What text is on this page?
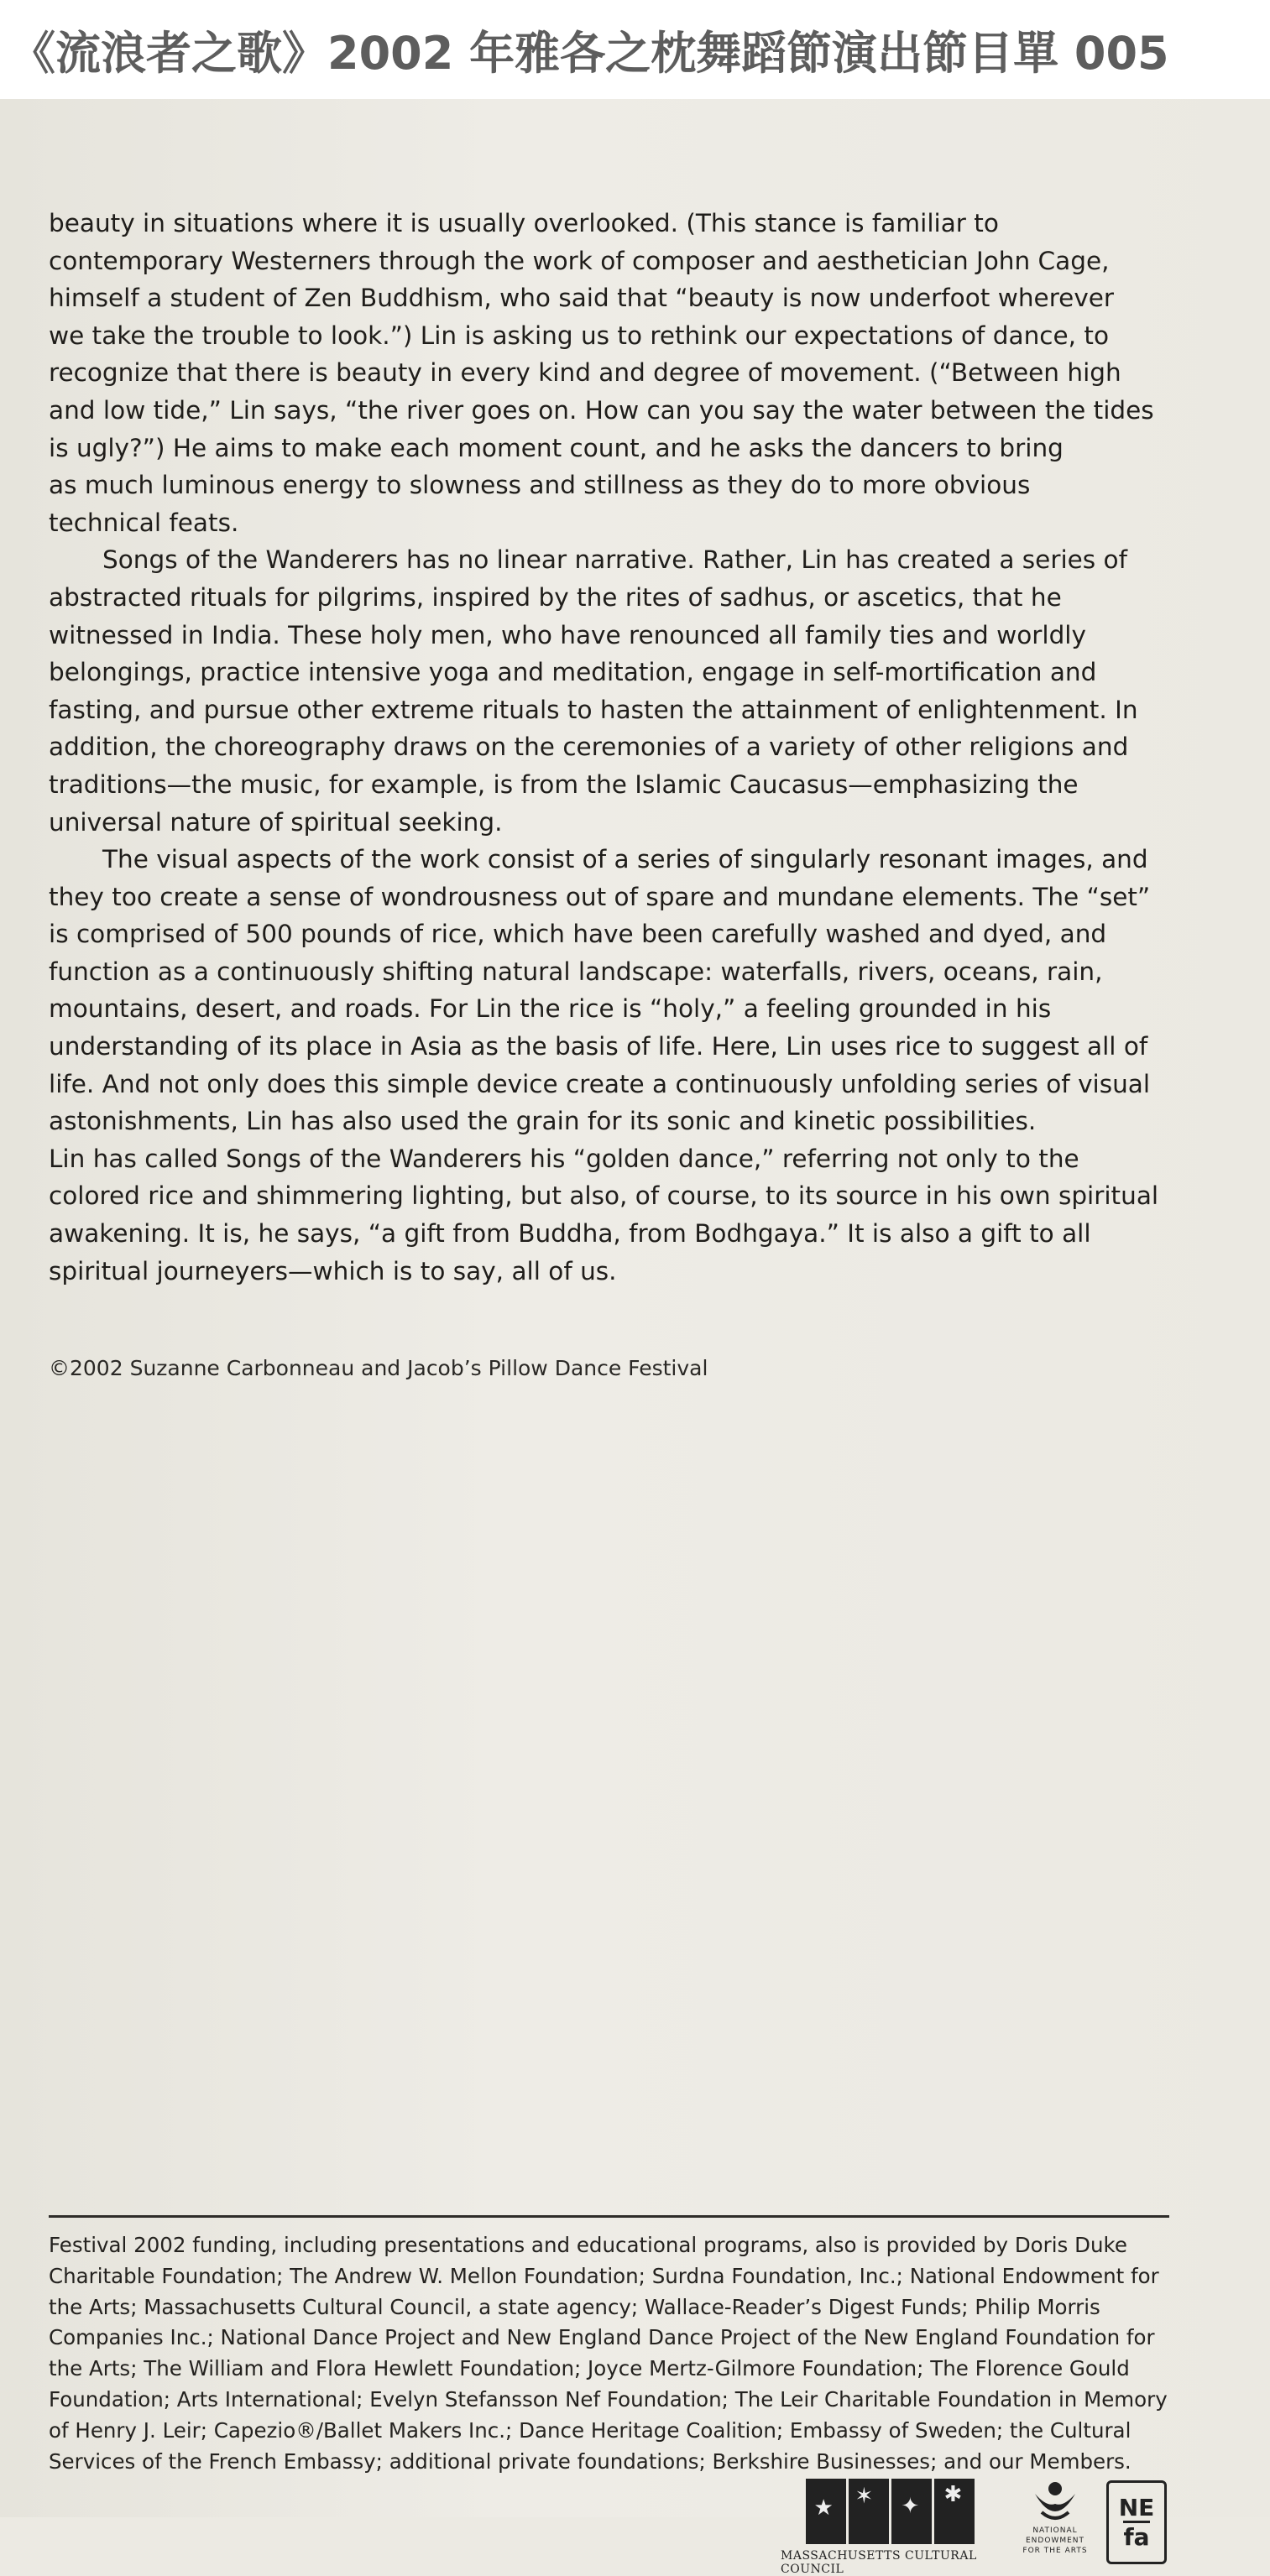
《流浪者之歌》2002 年雅各之枕舞蹈節演出節目單 005

beauty in situations where it is usually overlooked. (This stance is familiar to
contemporary Westerners through the work of composer and aesthetician John Cage,
himself a student of Zen Buddhism, who said that “beauty is now underfoot wherever
we take the trouble to look.”) Lin is asking us to rethink our expectations of dance, to
recognize that there is beauty in every kind and degree of movement. (“Between high
and low tide,” Lin says, “the river goes on. How can you say the water between the tides
is ugly?”) He aims to make each moment count, and he asks the dancers to bring
as much luminous energy to slowness and stillness as they do to more obvious
technical feats.

Songs of the Wanderers has no linear narrative. Rather, Lin has created a series of
abstracted rituals for pilgrims, inspired by the rites of sadhus, or ascetics, that he
witnessed in India. These holy men, who have renounced all family ties and worldly
belongings, practice intensive yoga and meditation, engage in self-mortification and
fasting, and pursue other extreme rituals to hasten the attainment of enlightenment. In
addition, the choreography draws on the ceremonies of a variety of other religions and
traditions—the music, for example, is from the Islamic Caucasus—emphasizing the
universal nature of spiritual seeking.

The visual aspects of the work consist of a series of singularly resonant images, and
they too create a sense of wondrousness out of spare and mundane elements. The “set”
is comprised of 500 pounds of rice, which have been carefully washed and dyed, and
function as a continuously shifting natural landscape: waterfalls, rivers, oceans, rain,
mountains, desert, and roads. For Lin the rice is “holy,” a feeling grounded in his
understanding of its place in Asia as the basis of life. Here, Lin uses rice to suggest all of
life. And not only does this simple device create a continuously unfolding series of visual
astonishments, Lin has also used the grain for its sonic and kinetic possibilities.

Lin has called Songs of the Wanderers his “golden dance,” referring not only to the
colored rice and shimmering lighting, but also, of course, to its source in his own spiritual
awakening. It is, he says, “a gift from Buddha, from Bodhgaya.” It is also a gift to all
spiritual journeyers—which is to say, all of us.

©2002 Suzanne Carbonneau and Jacob’s Pillow Dance Festival
Festival 2002 funding, including presentations and educational programs, also is provided by Doris Duke Charitable Foundation; The Andrew W. Mellon Foundation; Surdna Foundation, Inc.; National Endowment for the Arts; Massachusetts Cultural Council, a state agency; Wallace-Reader’s Digest Funds; Philip Morris Companies Inc.; National Dance Project and New England Dance Project of the New England Foundation for the Arts; The William and Flora Hewlett Foundation; Joyce Mertz-Gilmore Foundation; The Florence Gould Foundation; Arts International; Evelyn Stefansson Nef Foundation; The Leir Charitable Foundation in Memory of Henry J. Leir; Capezio®/Ballet Makers Inc.; Dance Heritage Coalition; Embassy of Sweden; the Cultural Services of the French Embassy; additional private foundations; Berkshire Businesses; and our Members.
★ ✶ ✦ ✱
MASSACHUSETTS CULTURAL COUNCIL
NATIONAL ENDOWMENT FOR THE ARTS
NE
fa
